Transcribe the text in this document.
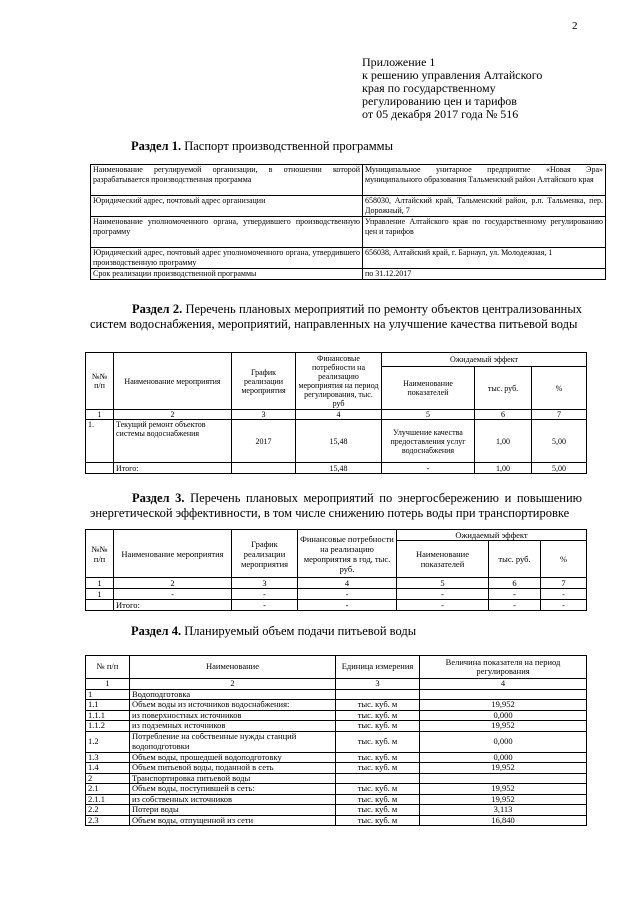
2
Приложение 1
к решению управления Алтайского
края по государственному
регулированию цен и тарифов
от 05 декабря 2017 года № 516
Раздел 1. Паспорт производственной программы
Наименование регулируемой организации, в отношении которой разрабатывается производственная программа	Муниципальное унитарное предприятие «Новая Эра» муниципального образования Тальменский район Алтайского края
Юридический адрес, почтовый адрес организации	658030, Алтайский край, Тальменский район, р.п. Тальменка, пер. Дорожный, 7
Наименование уполномоченного органа, утвердившего производственную программу	Управление Алтайского края по государственному регулированию цен и тарифов
Юридический адрес, почтовый адрес уполномоченного органа, утвердившего производственную программу	656038, Алтайский край, г. Барнаул, ул. Молодежная, 1
Срок реализации производственной программы	по 31.12.2017
Раздел 2. Перечень плановых мероприятий по ремонту объектов централизованных систем водоснабжения, мероприятий, направленных на улучшение качества питьевой воды
№№ п/п	Наименование мероприятия	График реализации мероприятия	Финансовые потребности на реализацию мероприятия на период регулирования, тыс. руб	Ожидаемый эффект		
				Наименование показателей	тыс. руб.	%
1	2	3	4	5	6	7
1.	Текущий ремонт объектов системы водоснабжения	2017	15,48	Улучшение качества предоставления услуг водоснабжения	1,00	5,00
	Итого:		15,48	-	1,00	5,00
Раздел 3. Перечень плановых мероприятий по энергосбережению и повышению энергетической эффективности, в том числе снижению потерь воды при транспортировке
№№ п/п	Наименование мероприятия	График реализации мероприятия	Финансовые потребности на реализацию мероприятия в год, тыс. руб.	Ожидаемый эффект		
				Наименование показателей	тыс. руб.	%
1	2	3	4	5	6	7
1	-	-	-	-	-	-
	Итого:	-	-	-	-	-
Раздел 4. Планируемый объем подачи питьевой воды
№ п/п	Наименование	Единица измерения	Величина показателя на период регулирования
1	2	3	4
1	Водоподготовка		
1.1	Объем воды из источников водоснабжения:	тыс. куб. м	19,952
1.1.1	из поверхностных источников	тыс. куб. м	0,000
1.1.2	из подземных источников	тыс. куб. м	19,952
1.2	Потребление на собственные нужды станций водоподготовки	тыс. куб. м	0,000
1.3	Объем воды, прошедшей водоподготовку	тыс. куб. м	0,000
1.4	Объем питьевой воды, поданной в сеть	тыс. куб. м	19,952
2	Транспортировка питьевой воды		
2.1	Объем воды, поступившей в сеть:	тыс. куб. м	19,952
2.1.1	из собственных источников	тыс. куб. м	19,952
2.2	Потери воды	тыс. куб. м	3,113
2.3	Объем воды, отпущенной из сети	тыс. куб. м	16,840
